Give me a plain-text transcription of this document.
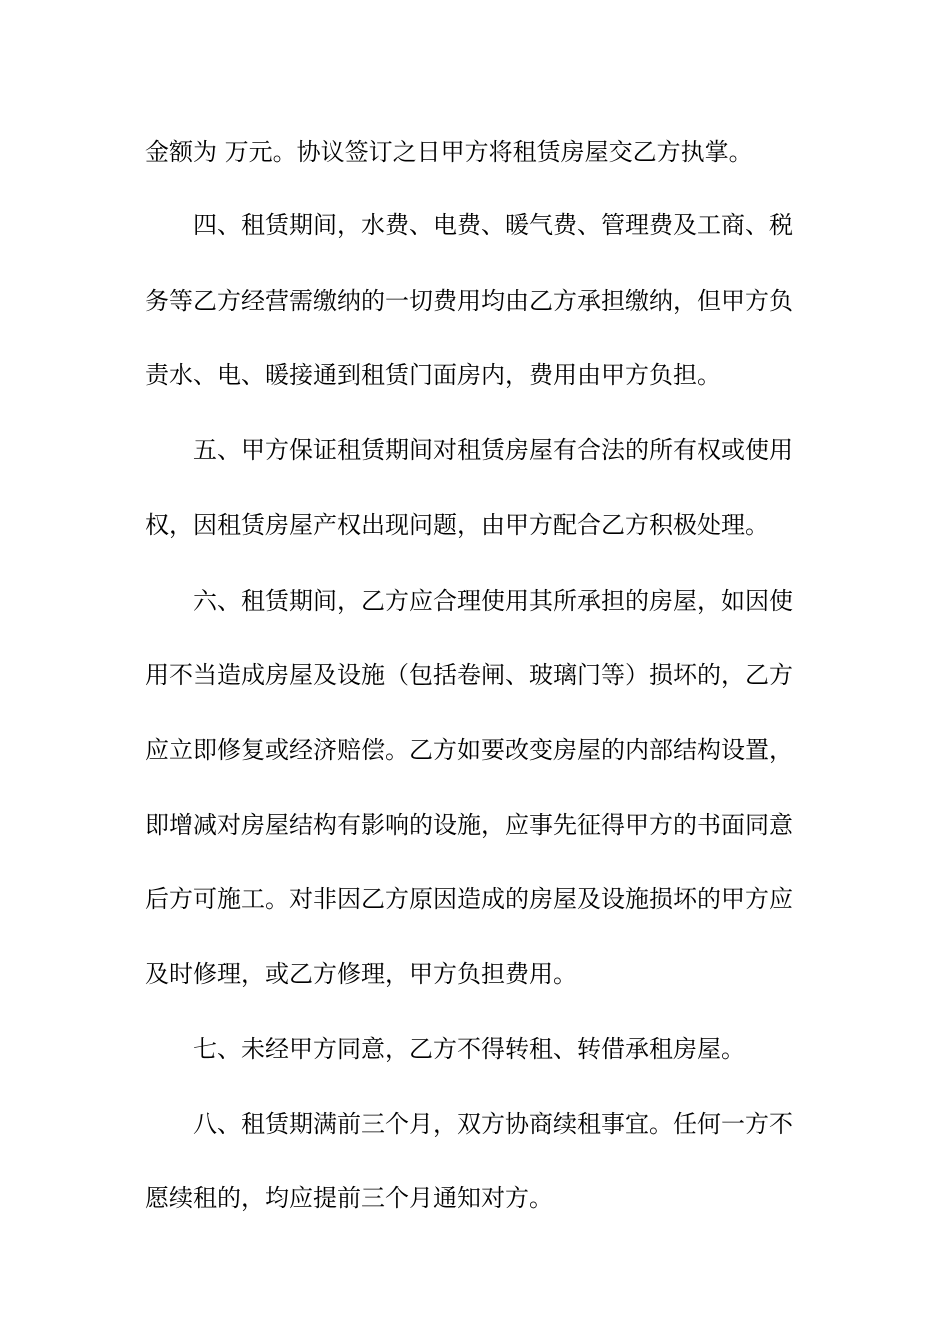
金额为 万元。协议签订之日甲方将租赁房屋交乙方执掌。

四、租赁期间，水费、电费、暖气费、管理费及工商、税

务等乙方经营需缴纳的一切费用均由乙方承担缴纳，但甲方负

责水、电、暖接通到租赁门面房内，费用由甲方负担。

五、甲方保证租赁期间对租赁房屋有合法的所有权或使用

权，因租赁房屋产权出现问题，由甲方配合乙方积极处理。

六、租赁期间，乙方应合理使用其所承担的房屋，如因使

用不当造成房屋及设施（包括卷闸、玻璃门等）损坏的，乙方

应立即修复或经济赔偿。乙方如要改变房屋的内部结构设置，

即增减对房屋结构有影响的设施，应事先征得甲方的书面同意

后方可施工。对非因乙方原因造成的房屋及设施损坏的甲方应

及时修理，或乙方修理，甲方负担费用。

七、未经甲方同意，乙方不得转租、转借承租房屋。

八、租赁期满前三个月，双方协商续租事宜。任何一方不

愿续租的，均应提前三个月通知对方。
